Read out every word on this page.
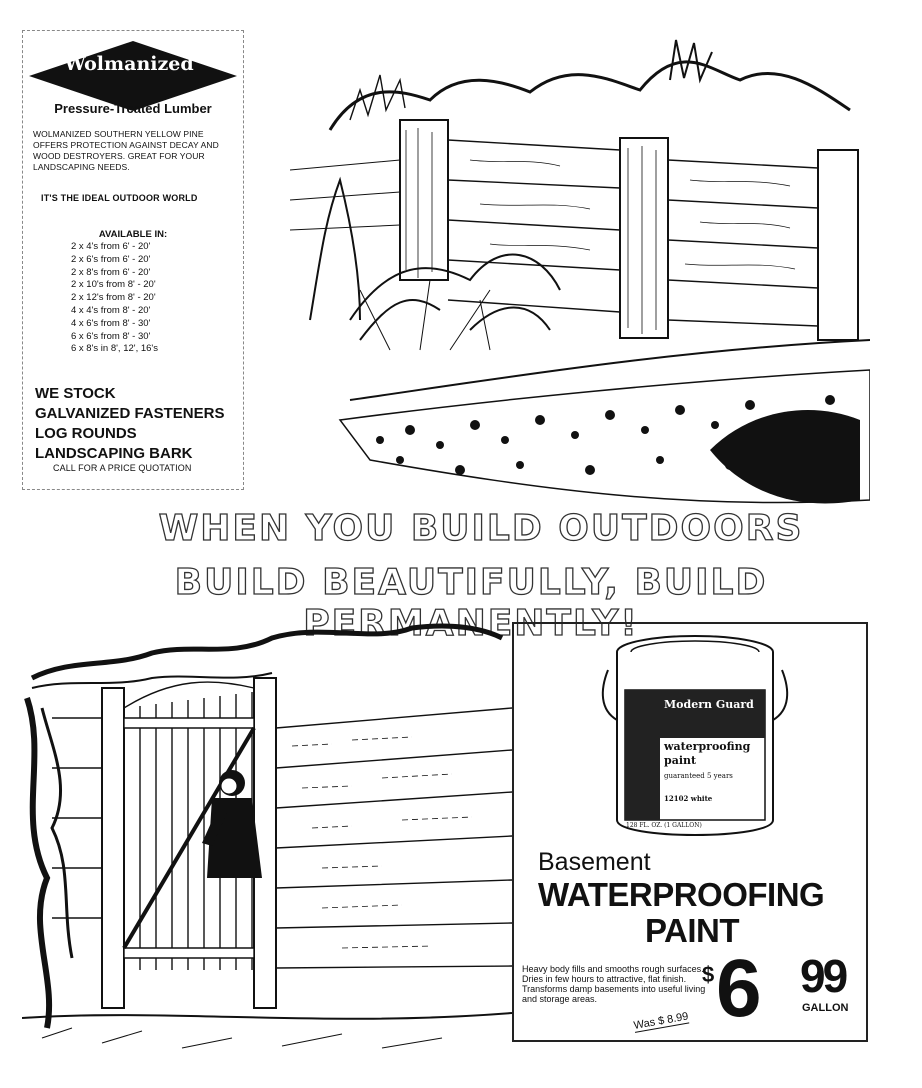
Wolmanized
Pressure-Treated Lumber
WOLMANIZED SOUTHERN YELLOW PINE OFFERS PROTECTION AGAINST DECAY AND WOOD DESTROYERS. GREAT FOR YOUR LANDSCAPING NEEDS.
IT'S THE IDEAL OUTDOOR WORLD
AVAILABLE IN:
2 x 4's from 6' - 20'
2 x 6's from 6' - 20'
2 x 8's from 6' - 20'
2 x 10's from 8' - 20'
2 x 12's from 8' - 20'
4 x 4's from 8' - 20'
4 x 6's from 8' - 30'
6 x 6's from 8' - 30'
6 x 8's in 8', 12', 16's
WE STOCK
GALVANIZED FASTENERS
LOG ROUNDS
LANDSCAPING BARK
CALL FOR A PRICE QUOTATION
WHEN YOU BUILD OUTDOORS
BUILD BEAUTIFULLY, BUILD PERMANENTLY!
Modern Guard
waterproofing
paint
guaranteed 5 years
12102 white
128 FL. OZ. (1 GALLON)
Basement
WATERPROOFING
PAINT
Heavy body fills and smooths rough surfaces. Dries in few hours to attractive, flat finish. Transforms damp basements into useful living and storage areas.
Was $ 8.99
$ 6 99
GALLON
